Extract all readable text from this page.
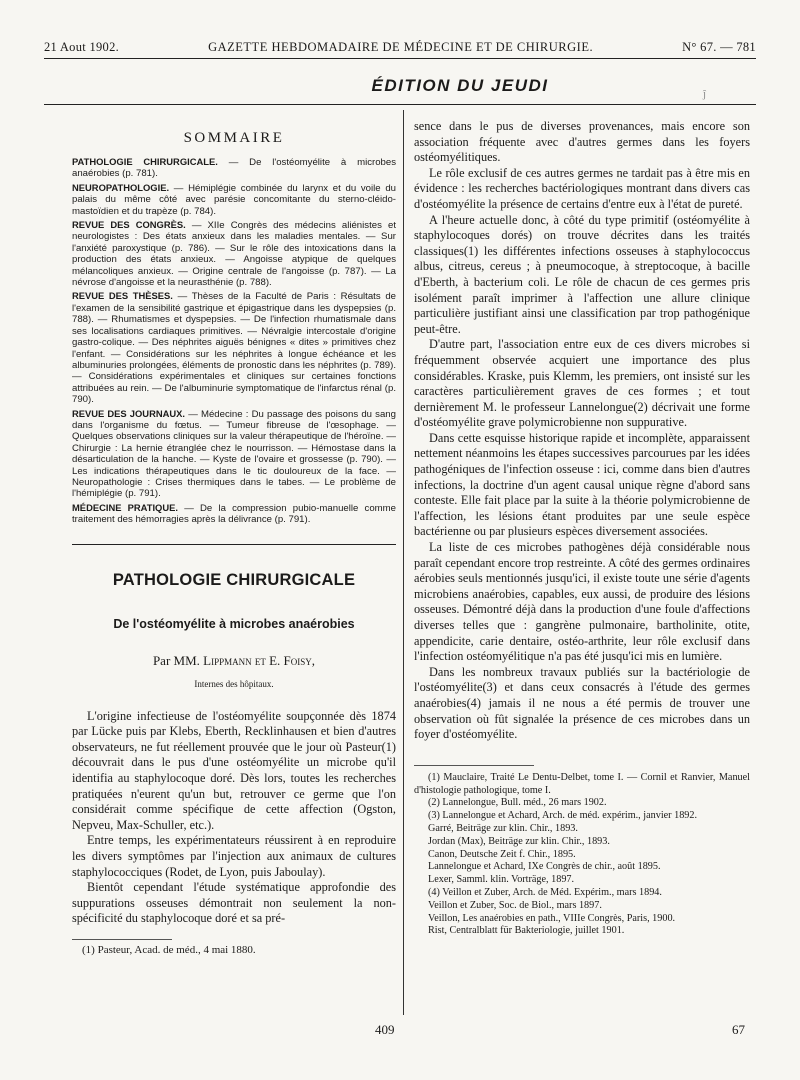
21 Aout 1902.	GAZETTE HEBDOMADAIRE DE MÉDECINE ET DE CHIRURGIE.	N° 67. — 781
ÉDITION DU JEUDI	ĵ
SOMMAIRE

PATHOLOGIE CHIRURGICALE. — De l'ostéomyélite à microbes anaérobies (p. 781).

NEUROPATHOLOGIE. — Hémiplégie combinée du larynx et du voile du palais du même côté avec parésie concomitante du sterno-cléido-mastoïdien et du trapèze (p. 784).

REVUE DES CONGRÈS. — XIIe Congrès des médecins aliénistes et neurologistes : Des états anxieux dans les maladies mentales. — Sur l'anxiété paroxystique (p. 786). — Sur le rôle des intoxications dans la production des états anxieux. — Angoisse atypique de quelques mélancoliques anxieux. — Origine centrale de l'angoisse (p. 787). — La névrose d'angoisse et la neurasthénie (p. 788).

REVUE DES THÈSES. — Thèses de la Faculté de Paris : Résultats de l'examen de la sensibilité gastrique et épigastrique dans les dyspepsies (p. 788). — Rhumatismes et dyspepsies. — De l'infection rhumatismale dans ses localisations cardiaques primitives. — Névralgie intercostale d'origine gastro-colique. — Des néphrites aiguës bénignes « dites » primitives chez l'enfant. — Considérations sur les néphrites à longue échéance et les albuminuries prolongées, éléments de pronostic dans les néphrites (p. 789). — Considérations expérimentales et cliniques sur certaines fonctions attribuées au rein. — De l'albuminurie symptomatique de l'infarctus rénal (p. 790).

REVUE DES JOURNAUX. — Médecine : Du passage des poisons du sang dans l'organisme du fœtus. — Tumeur fibreuse de l'œsophage. — Quelques observations cliniques sur la valeur thérapeutique de l'héroïne. — Chirurgie : La hernie étranglée chez le nourrisson. — Hémostase dans la désarticulation de la hanche. — Kyste de l'ovaire et grossesse (p. 790). — Les indications thérapeutiques dans le tic douloureux de la face. — Neuropathologie : Crises thermiques dans le tabes. — Le problème de l'hémiplégie (p. 791).

MÉDECINE PRATIQUE. — De la compression pubio-manuelle comme traitement des hémorragies après la délivrance (p. 791).

PATHOLOGIE CHIRURGICALE
De l'ostéomyélite à microbes anaérobies
Par MM. Lippmann et E. Foisy,
Internes des hôpitaux.

L'origine infectieuse de l'ostéomyélite soupçonnée dès 1874 par Lücke puis par Klebs, Eberth, Recklinhausen et bien d'autres observateurs, ne fut réellement prouvée que le jour où Pasteur(1) découvrait dans le pus d'une ostéomyélite un microbe qu'il identifia au staphylocoque doré. Dès lors, toutes les recherches pratiquées n'eurent qu'un but, retrouver ce germe que l'on considérait comme spécifique de cette affection (Ogston, Nepveu, Max-Schuller, etc.).

Entre temps, les expérimentateurs réussirent à en reproduire les divers symptômes par l'injection aux animaux de cultures staphylococciques (Rodet, de Lyon, puis Jaboulay).

Bientôt cependant l'étude systématique approfondie des suppurations osseuses démontrait non seulement la non-spécificité du staphylocoque doré et sa pré-

(1) Pasteur, Acad. de méd., 4 mai 1880.

sence dans le pus de diverses provenances, mais encore son association fréquente avec d'autres germes dans les foyers ostéomyélitiques.

Le rôle exclusif de ces autres germes ne tardait pas à être mis en évidence : les recherches bactériologiques montrant dans divers cas d'ostéomyélite la présence de certains d'entre eux à l'état de pureté.

A l'heure actuelle donc, à côté du type primitif (ostéomyélite à staphylocoques dorés) on trouve décrites dans les traités classiques(1) les différentes infections osseuses à staphylococcus albus, citreus, cereus ; à pneumocoque, à streptocoque, à bacille d'Eberth, à bacterium coli. Le rôle de chacun de ces germes pris isolément paraît imprimer à l'affection une allure clinique particulière justifiant ainsi une classification par trop pathogénique peut-être.

D'autre part, l'association entre eux de ces divers microbes si fréquemment observée acquiert une importance des plus considérables. Kraske, puis Klemm, les premiers, ont insisté sur les caractères particulièrement graves de ces formes ; et tout dernièrement M. le professeur Lannelongue(2) décrivait une forme d'ostéomyélite grave polymicrobienne non suppurative.

Dans cette esquisse historique rapide et incomplète, apparaissent nettement néanmoins les étapes successives parcourues par les idées pathogéniques de l'infection osseuse : ici, comme dans bien d'autres infections, la doctrine d'un agent causal unique règne d'abord sans conteste. Elle fait place par la suite à la théorie polymicrobienne de l'affection, les lésions étant produites par une seule espèce bactérienne ou par plusieurs espèces diversement associées.

La liste de ces microbes pathogènes déjà considérable nous paraît cependant encore trop restreinte. A côté des germes ordinaires aérobies seuls mentionnés jusqu'ici, il existe toute une série d'agents microbiens anaérobies, capables, eux aussi, de produire des lésions osseuses. Démontré déjà dans la production d'une foule d'affections diverses telles que : gangrène pulmonaire, bartholinite, otite, appendicite, carie dentaire, ostéo-arthrite, leur rôle exclusif dans l'infection ostéomyélitique n'a pas été jusqu'ici mis en lumière.

Dans les nombreux travaux publiés sur la bactériologie de l'ostéomyélite(3) et dans ceux consacrés à l'étude des germes anaérobies(4) jamais il ne nous a été permis de trouver une observation où fût signalée la présence de ces microbes dans un foyer d'ostéomyélite.

(1) Mauclaire, Traité Le Dentu-Delbet, tome I. — Cornil et Ranvier, Manuel d'histologie pathologique, tome I.

(2) Lannelongue, Bull. méd., 26 mars 1902.

(3) Lannelongue et Achard, Arch. de méd. expérim., janvier 1892.

Garré, Beiträge zur klin. Chir., 1893.

Jordan (Max), Beiträge zur klin. Chir., 1893.

Canon, Deutsche Zeit f. Chir., 1895.

Lannelongue et Achard, IXe Congrès de chir., août 1895.

Lexer, Samml. klin. Vorträge, 1897.

(4) Veillon et Zuber, Arch. de Méd. Expérim., mars 1894.

Veillon et Zuber, Soc. de Biol., mars 1897.

Veillon, Les anaérobies en path., VIIIe Congrès, Paris, 1900.

Rist, Centralblatt für Bakteriologie, juillet 1901.

409	67
